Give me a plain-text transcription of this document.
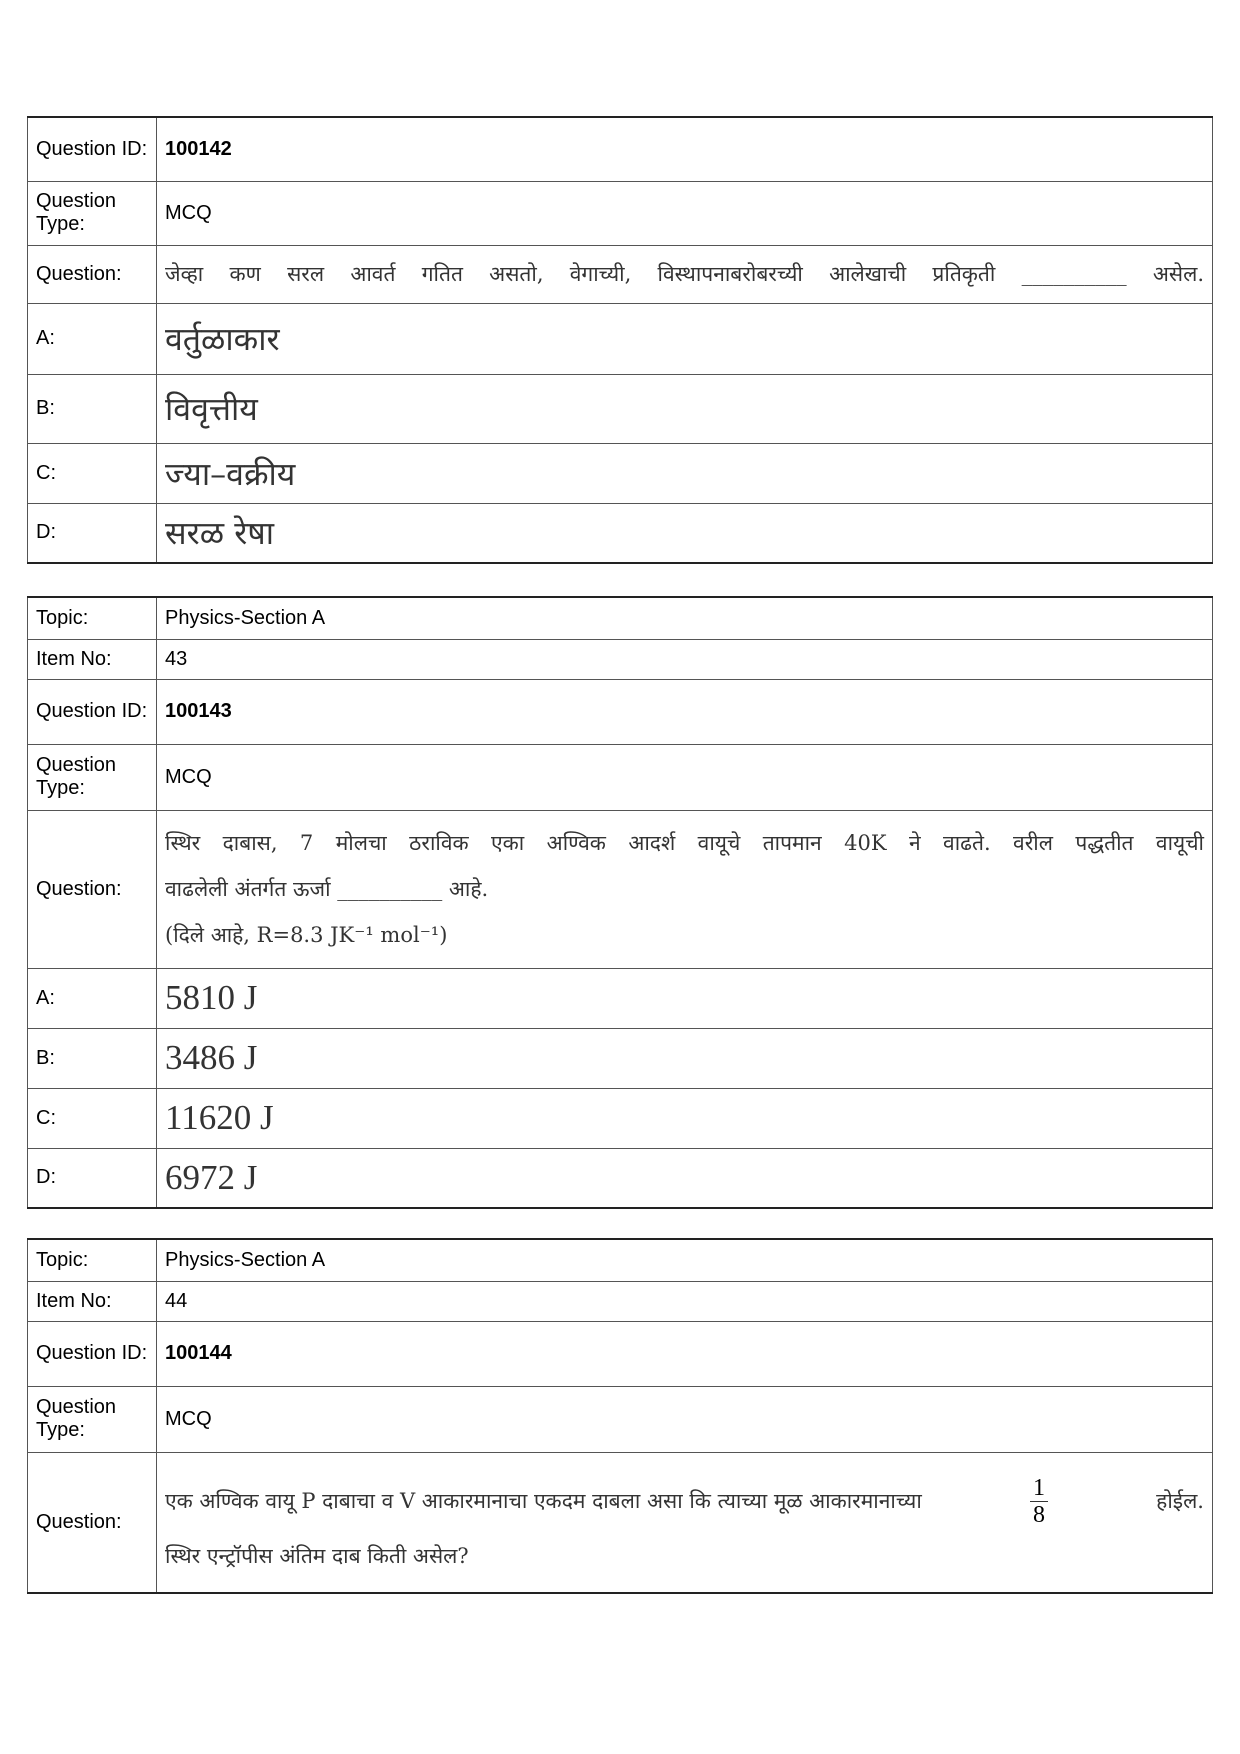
Question ID:	100142
Question Type:	MCQ
Question:	जेव्हा कण सरल आवर्त गतित असतो, वेगाच्यी, विस्थापनाबरोबरच्यी आलेखाची प्रतिकृती __________ असेल.

A:	वर्तुळाकार
B:	विवृत्तीय
C:	ज्या–वक्रीय
D:	सरळ रेषा
Topic:	Physics-Section A
Item No:	43
Question ID:	100143
Question Type:	MCQ
Question:	स्थिर दाबास, 7 मोलचा ठराविक एका अण्विक आदर्श वायूचे तापमान 40K ने वाढते. वरील पद्धतीत वायूची
वाढलेली अंतर्गत ऊर्जा __________ आहे.
(दिले आहे, R=8.3 JK⁻¹ mol⁻¹)

A:	5810 J
B:	3486 J
C:	11620 J
D:	6972 J
Topic:	Physics-Section A
Item No:	44
Question ID:	100144
Question Type:	MCQ
Question:	एक अण्विक वायू P दाबाचा व V आकारमानाचा एकदम दाबला असा कि त्याच्या मूळ आकारमानाच्या $\frac{1}{8}$ होईल.
स्थिर एन्ट्रॉपीस अंतिम दाब किती असेल?
